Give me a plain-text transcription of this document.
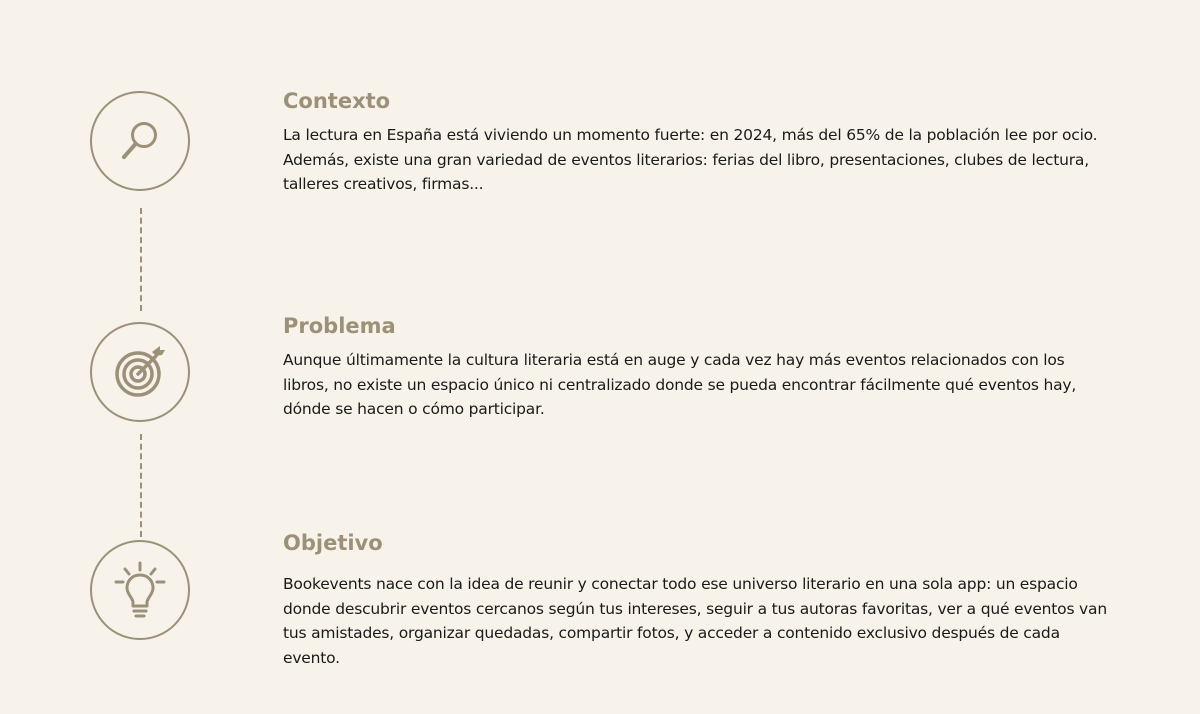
Contexto

La lectura en España está viviendo un momento fuerte: en 2024, más del 65% de la población lee por ocio. Además, existe una gran variedad de eventos literarios: ferias del libro, presentaciones, clubes de lectura, talleres creativos, firmas...

Problema

Aunque últimamente la cultura literaria está en auge y cada vez hay más eventos relacionados con los libros, no existe un espacio único ni centralizado donde se pueda encontrar fácilmente qué eventos hay, dónde se hacen o cómo participar.

Objetivo

Bookevents nace con la idea de reunir y conectar todo ese universo literario en una sola app: un espacio donde descubrir eventos cercanos según tus intereses, seguir a tus autoras favoritas, ver a qué eventos van tus amistades, organizar quedadas, compartir fotos, y acceder a contenido exclusivo después de cada evento.
